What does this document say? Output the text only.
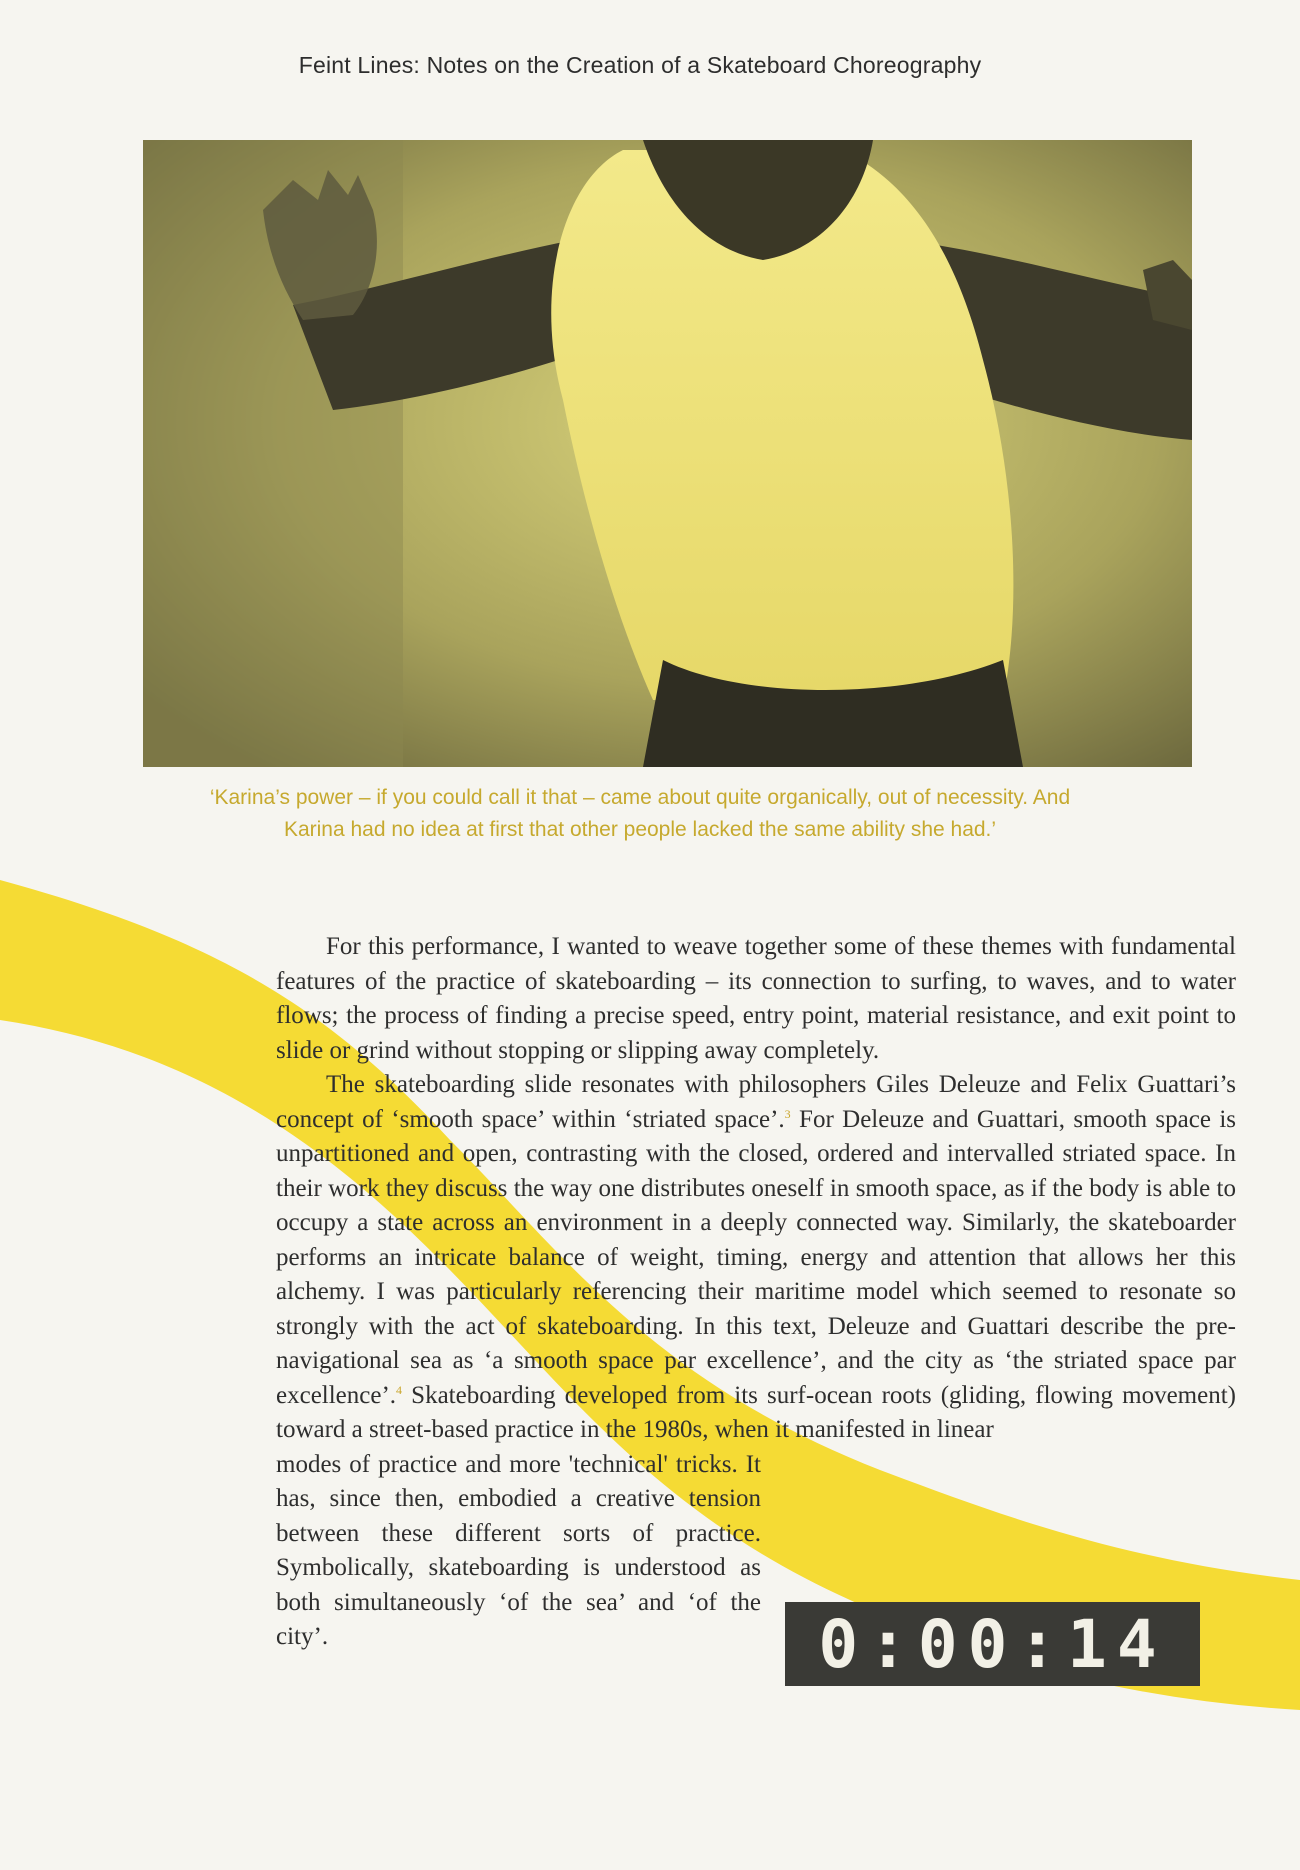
Feint Lines: Notes on the Creation of a Skateboard Choreography
‘Karina’s power – if you could call it that – came about quite organically, out of necessity. And
Karina had no idea at first that other people lacked the same ability she had.’

For this performance, I wanted to weave together some of these themes with fundamental features of the practice of skateboarding – its connection to surfing, to waves, and to water flows; the process of finding a precise speed, entry point, material resistance, and exit point to slide or grind without stopping or slipping away completely.

The skateboarding slide resonates with philosophers Giles Deleuze and Felix Guattari’s concept of ‘smooth space’ within ‘striated space’.$^3$ For Deleuze and Guattari, smooth space is unpartitioned and open, contrasting with the closed, ordered and intervalled striated space. In their work they discuss the way one distributes oneself in smooth space, as if the body is able to occupy a state across an environment in a deeply connected way. Similarly, the skateboarder performs an intricate balance of weight, timing, energy and attention that allows her this alchemy. I was particularly referencing their maritime model which seemed to resonate so strongly with the act of skateboarding. In this text, Deleuze and Guattari describe the pre-navigational sea as ‘a smooth space par excellence’, and the city as ‘the striated space par excellence’.$^4$ Skateboarding developed from its surf-ocean roots (gliding, flowing movement) toward a street-based practice in the 1980s, when it manifested in linear

modes of practice and more 'technical' tricks. It has, since then, embodied a creative tension between these different sorts of practice. Symbolically, skateboarding is understood as both simultaneously ‘of the sea’ and ‘of the city’.	0:00:14
